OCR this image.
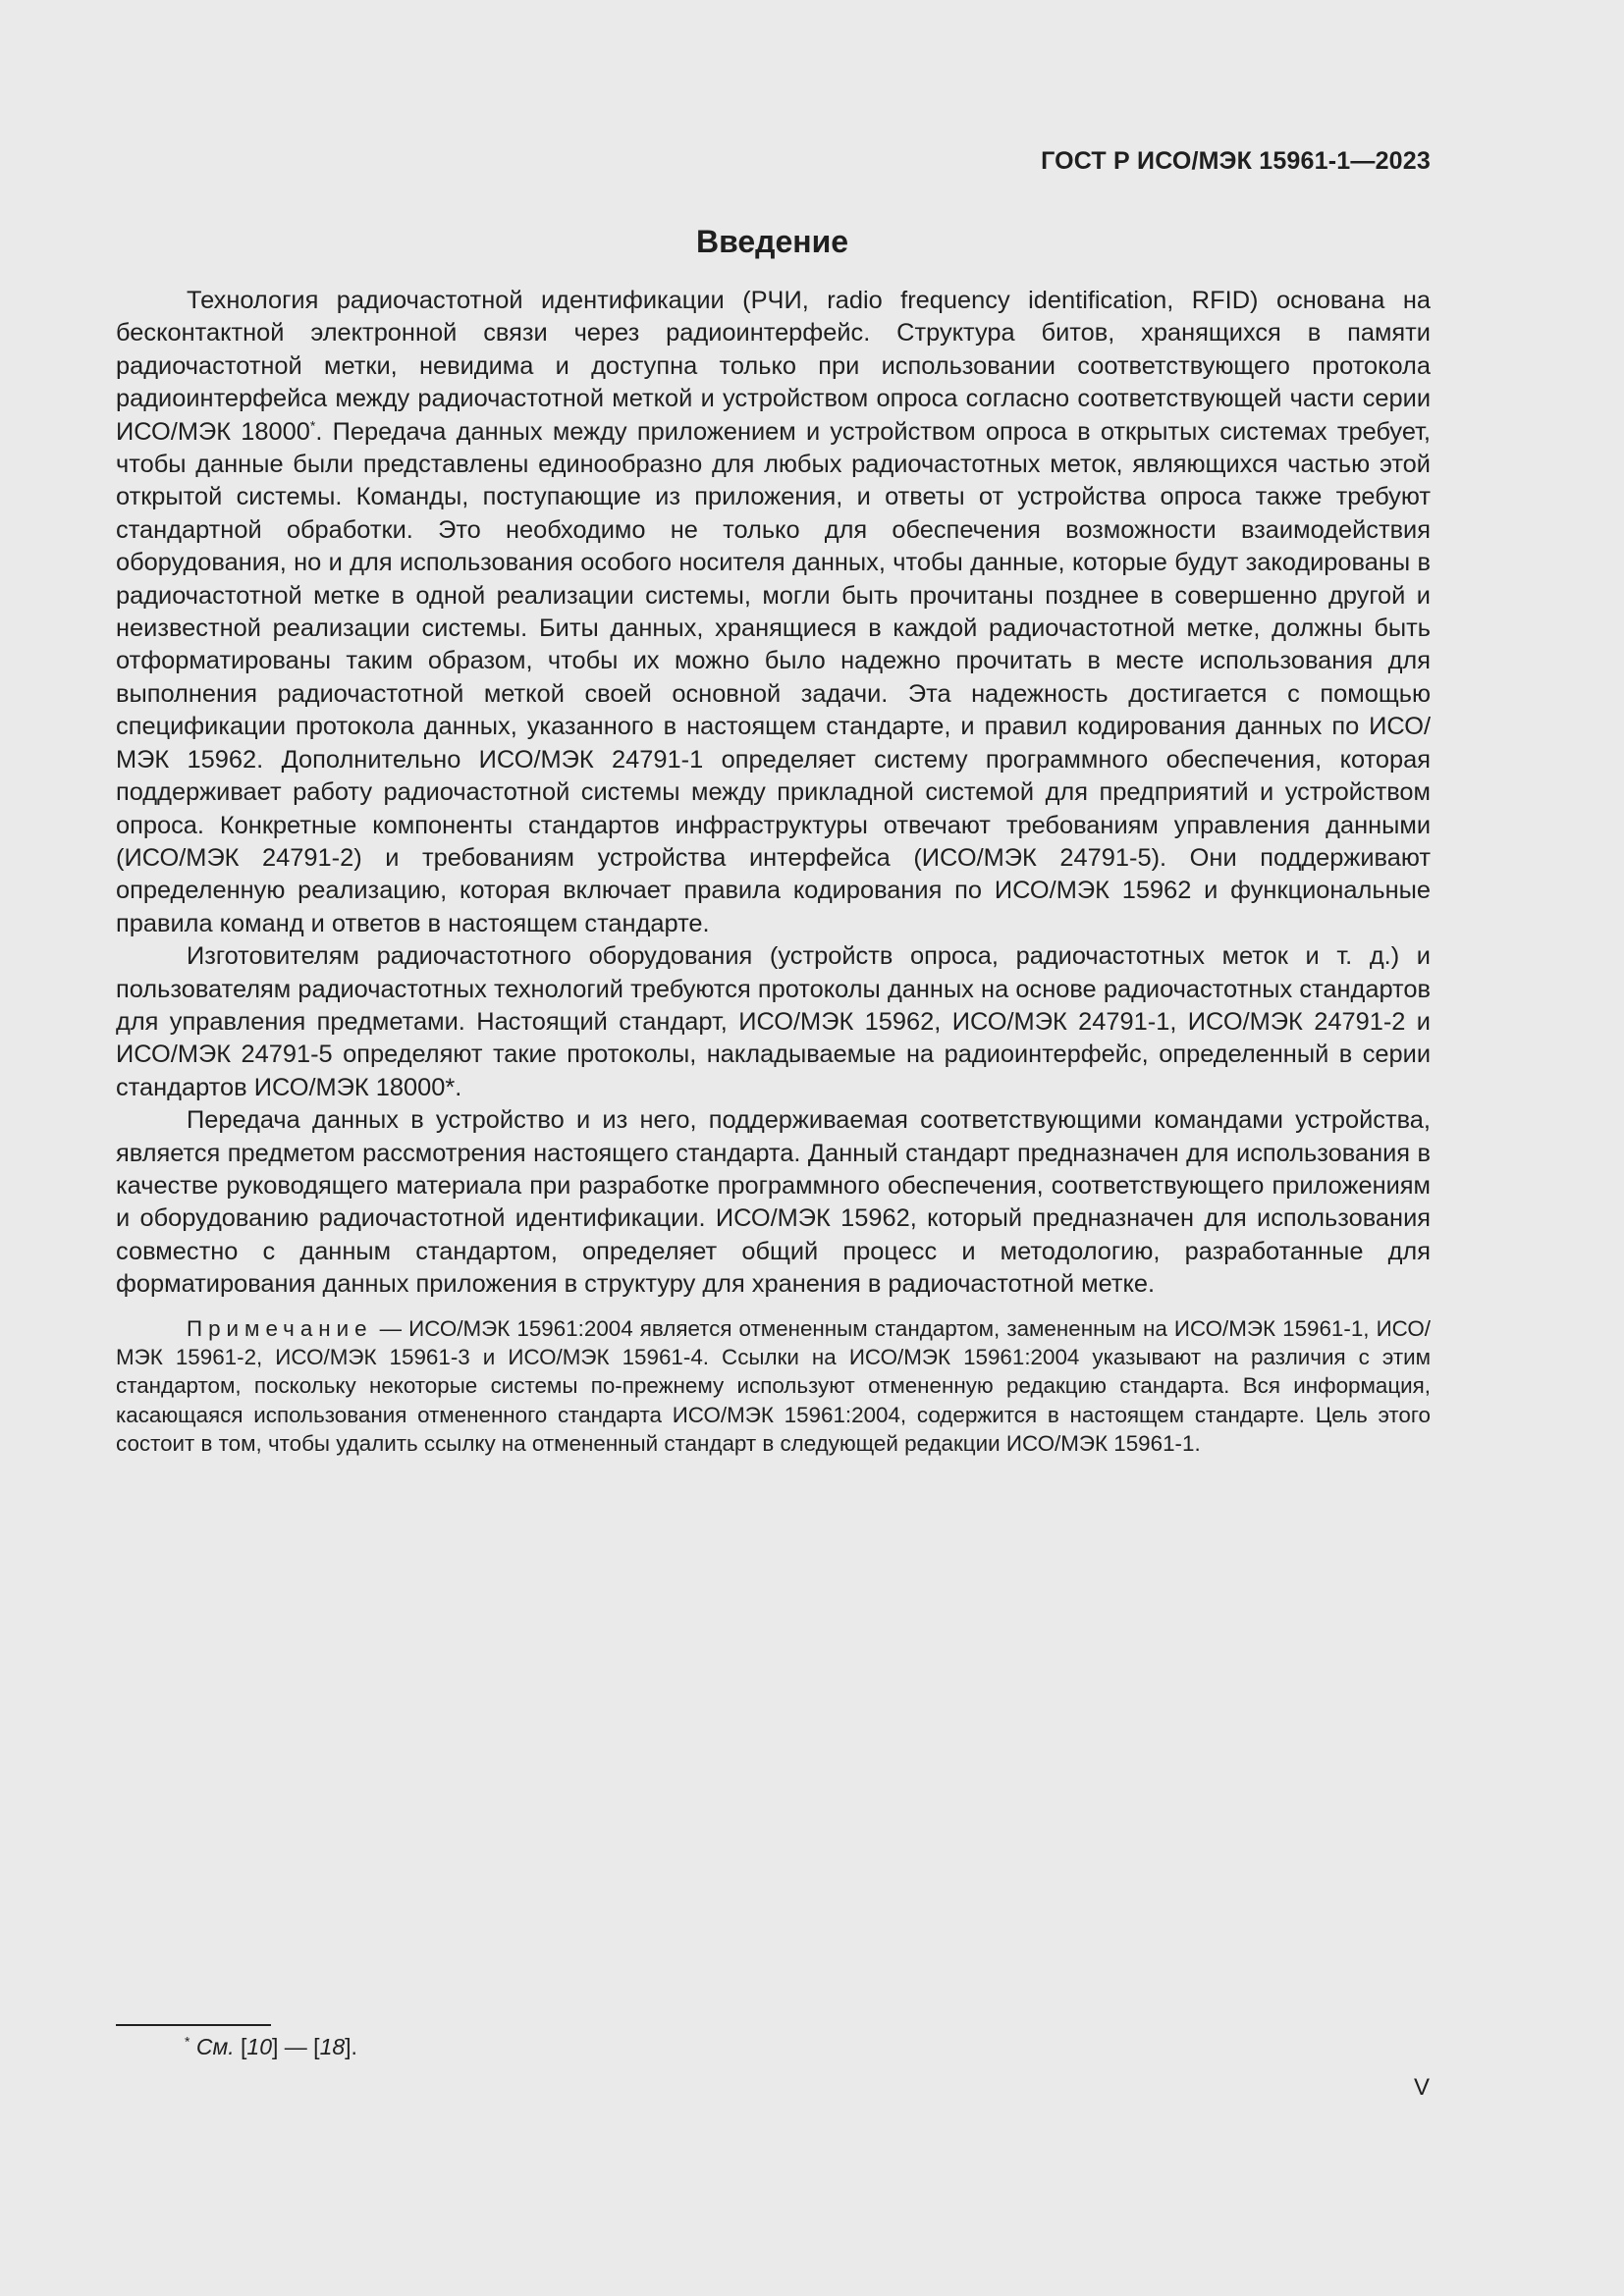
ГОСТ Р ИСО/МЭК 15961-1—2023
Введение

Технология радиочастотной идентификации (РЧИ, radio frequency identification, RFID) основана на бесконтактной электронной связи через радиоинтерфейс. Структура битов, хранящихся в памяти радиочастотной метки, невидима и доступна только при использовании соответствующего протокола радиоинтерфейса между радиочастотной меткой и устройством опроса согласно соответствующей части серии ИСО/МЭК 18000*. Передача данных между приложением и устройством опроса в открытых системах требует, чтобы данные были представлены единообразно для любых радиочастотных меток, являющихся частью этой открытой системы. Команды, поступающие из приложения, и ответы от устройства опроса также требуют стандартной обработки. Это необходимо не только для обеспечения возможности взаимодействия оборудования, но и для использования особого носителя данных, чтобы данные, которые будут закодированы в радиочастотной метке в одной реализации системы, могли быть прочитаны позднее в совершенно другой и неизвестной реализации системы. Биты данных, хранящиеся в каждой радиочастотной метке, должны быть отформатированы таким образом, чтобы их можно было надежно прочитать в месте использования для выполнения радиочастотной меткой своей основной задачи. Эта надежность достигается с помощью спецификации протокола данных, указанного в настоящем стандарте, и правил кодирования данных по ИСО/МЭК 15962. Дополнительно ИСО/МЭК 24791-1 определяет систему программного обеспечения, которая поддерживает работу радиочастотной системы между прикладной системой для предприятий и устройством опроса. Конкретные компоненты стандартов инфраструктуры отвечают требованиям управления данными (ИСО/МЭК 24791-2) и требованиям устройства интерфейса (ИСО/МЭК 24791-5). Они поддерживают определенную реализацию, которая включает правила кодирования по ИСО/МЭК 15962 и функциональные правила команд и ответов в настоящем стандарте.

Изготовителям радиочастотного оборудования (устройств опроса, радиочастотных меток и т. д.) и пользователям радиочастотных технологий требуются протоколы данных на основе радиочастотных стандартов для управления предметами. Настоящий стандарт, ИСО/МЭК 15962, ИСО/МЭК 24791-1, ИСО/МЭК 24791-2 и ИСО/МЭК 24791-5 определяют такие протоколы, накладываемые на радиоинтерфейс, определенный в серии стандартов ИСО/МЭК 18000*.

Передача данных в устройство и из него, поддерживаемая соответствующими командами устройства, является предметом рассмотрения настоящего стандарта. Данный стандарт предназначен для использования в качестве руководящего материала при разработке программного обеспечения, соответствующего приложениям и оборудованию радиочастотной идентификации. ИСО/МЭК 15962, который предназначен для использования совместно с данным стандартом, определяет общий процесс и методологию, разработанные для форматирования данных приложения в структуру для хранения в радиочастотной метке.

Примечание — ИСО/МЭК 15961:2004 является отмененным стандартом, замененным на ИСО/МЭК 15961-1, ИСО/МЭК 15961-2, ИСО/МЭК 15961-3 и ИСО/МЭК 15961-4. Ссылки на ИСО/МЭК 15961:2004 указывают на различия с этим стандартом, поскольку некоторые системы по-прежнему используют отмененную редакцию стандарта. Вся информация, касающаяся использования отмененного стандарта ИСО/МЭК 15961:2004, содержится в настоящем стандарте. Цель этого состоит в том, чтобы удалить ссылку на отмененный стандарт в следующей редакции ИСО/МЭК 15961-1.

* См. [10] — [18].
V
